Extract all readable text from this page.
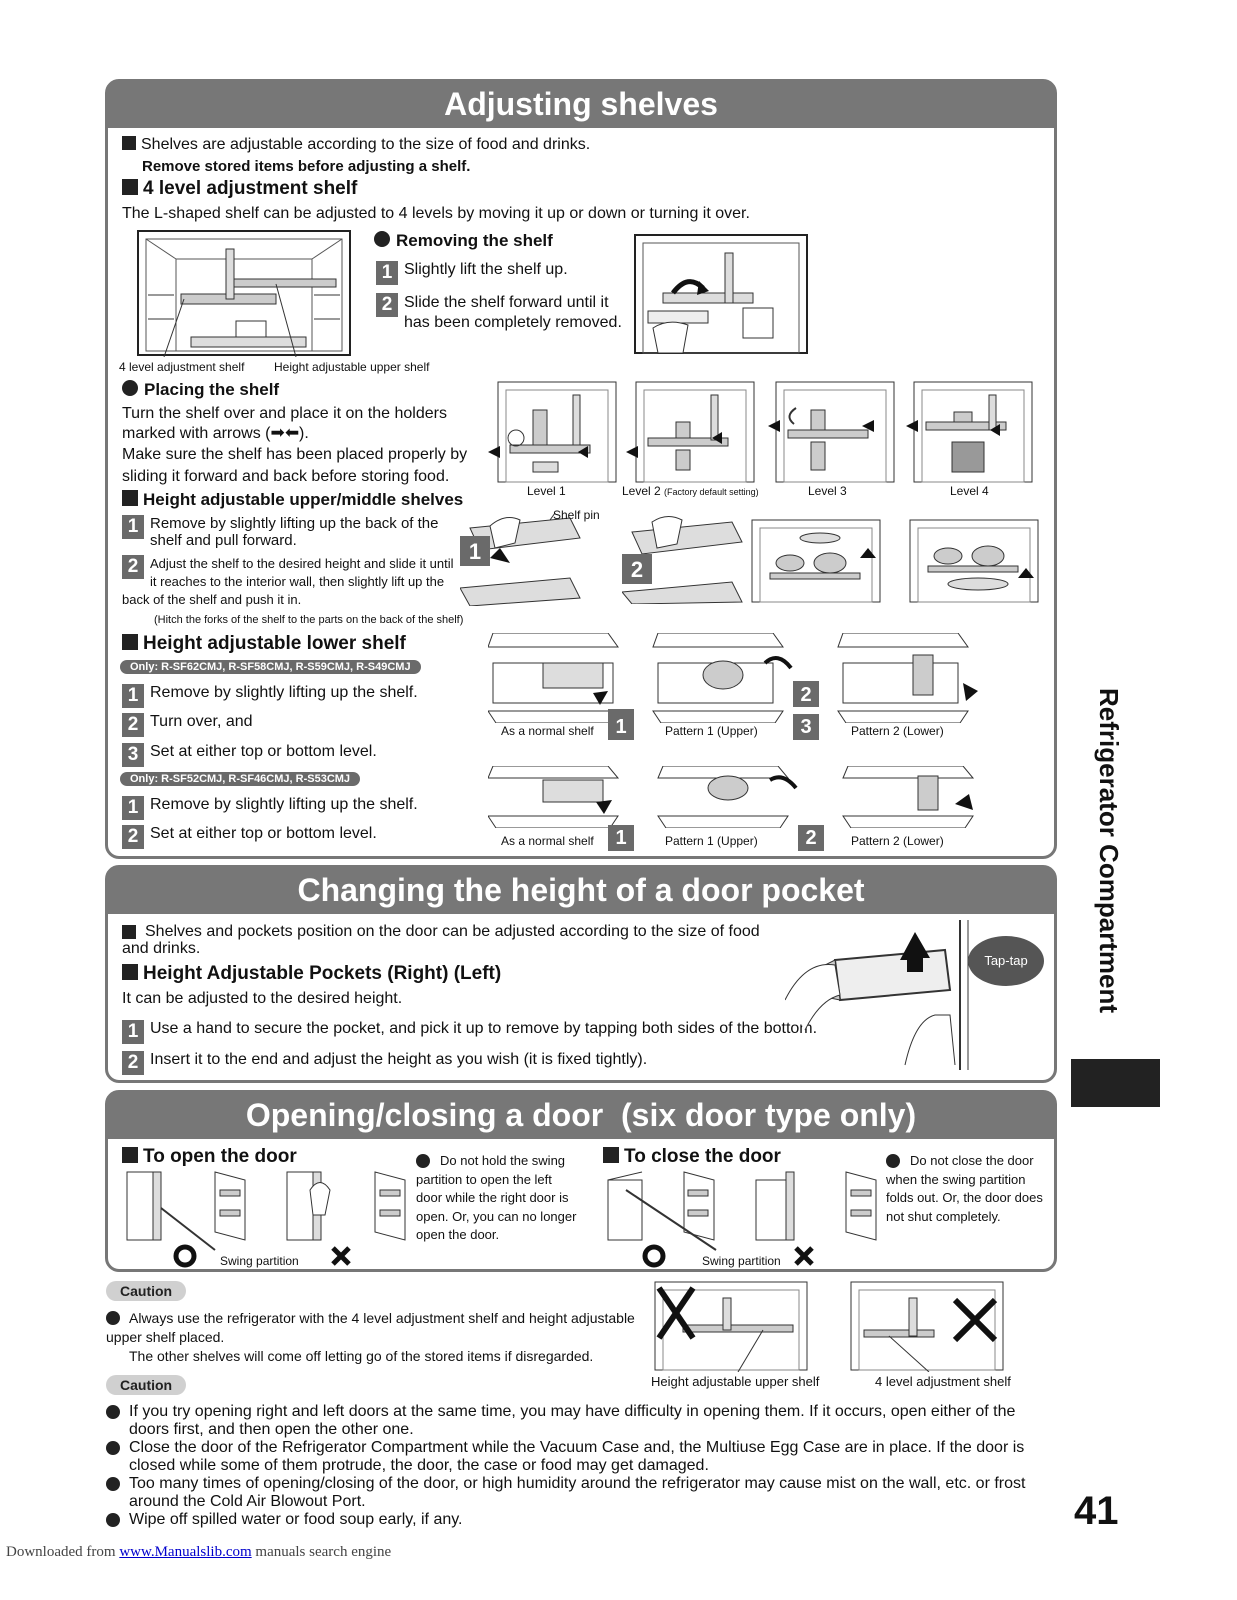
Adjusting shelves
Shelves are adjustable according to the size of food and drinks.
Remove stored items before adjusting a shelf.
4 level adjustment shelf
The L-shaped shelf can be adjusted to 4 levels by moving it up or down or turning it over.
4 level adjustment shelf Height adjustable upper shelf
Removing the shelf
1 Slightly lift the shelf up.
2 Slide the shelf forward until it has been completely removed.
Placing the shelf
Turn the shelf over and place it on the holders
marked with arrows (➡➡).
Make sure the shelf has been placed properly by sliding it forward and back before storing food.
Level 1	Level 2 (Factory default setting)	Level 3	Level 4
Height adjustable upper/middle shelves
1 Remove by slightly lifting up the back of the shelf and pull forward.
2 Adjust the shelf to the desired height and slide it until it reaches to the interior wall, then slightly lift up the back of the shelf and push it in.
(Hitch the forks of the shelf to the parts on the back of the shelf)
1
Shelf pin
2
Height adjustable lower shelf
Only: R-SF62CMJ, R-SF58CMJ, R-S59CMJ, R-S49CMJ
1 Remove by slightly lifting up the shelf.
2 Turn over, and
3 Set at either top or bottom level.
Only: R-SF52CMJ, R-SF46CMJ, R-S53CMJ
1 Remove by slightly lifting up the shelf.
2 Set at either top or bottom level.
2
1	3
As a normal shelf	Pattern 1 (Upper)	Pattern 2 (Lower)
1	2
As a normal shelf	Pattern 1 (Upper)	Pattern 2 (Lower)
Changing the height of a door pocket
Shelves and pockets position on the door can be adjusted according to the size of food and drinks.
Height Adjustable Pockets (Right) (Left)
It can be adjusted to the desired height.
1 Use a hand to secure the pocket, and pick it up to remove by tapping both sides of the bottom.
2 Insert it to the end and adjust the height as you wish (it is fixed tightly).
Tap-tap
Opening/closing a door  (six door type only)
To open the door
Swing partition
Do not hold the swing partition to open the left door while the right door is open. Or, you can no longer open the door.
To close the door
Swing partition
Do not close the door when the swing partition folds out. Or, the door does not shut completely.
Caution
Always use the refrigerator with the 4 level adjustment shelf and height adjustable upper shelf placed.

The other shelves will come off letting go of the stored items if disregarded.
Height adjustable upper shelf	4 level adjustment shelf
Caution
If you try opening right and left doors at the same time, you may have difficulty in opening them. If it occurs, open either of the doors first, and then open the other one.
Close the door of the Refrigerator Compartment while the Vacuum Case and, the Multiuse Egg Case are in place. If the door is closed while some of them protrude, the door, the case or food may get damaged.
Too many times of opening/closing of the door, or high humidity around the refrigerator may cause mist on the wall, etc. or frost around the Cold Air Blowout Port.
Wipe off spilled water or food soup early, if any.
Refrigerator Compartment
41
Downloaded from www.Manualslib.com manuals search engine
